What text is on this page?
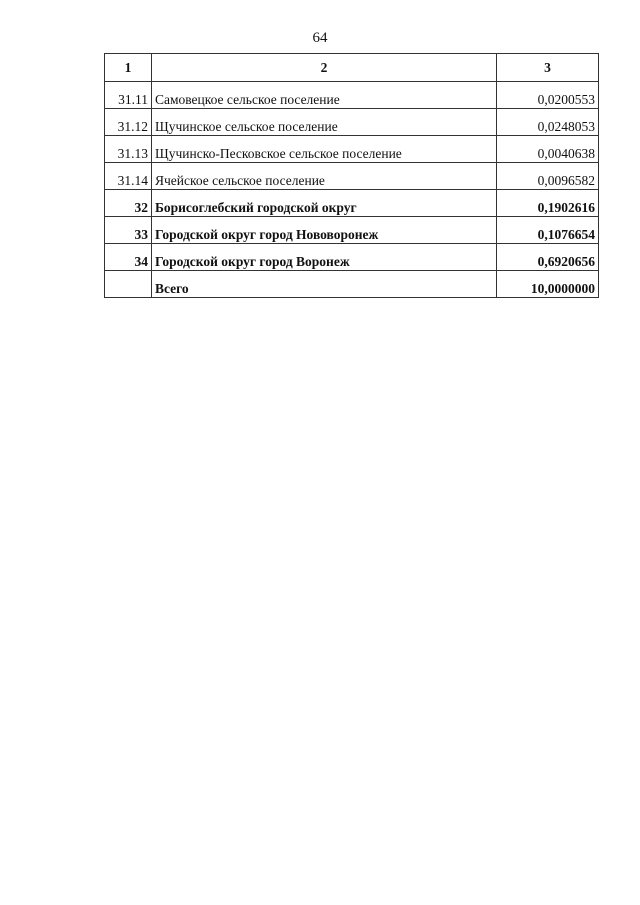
64
1	2	3
31.11	Самовецкое сельское поселение	0,0200553
31.12	Щучинское сельское поселение	0,0248053
31.13	Щучинско-Песковское сельское поселение	0,0040638
31.14	Ячейское сельское поселение	0,0096582
32	Борисоглебский городской округ	0,1902616
33	Городской округ город Нововоронеж	0,1076654
34	Городской округ город Воронеж	0,6920656
	Всего	10,0000000
